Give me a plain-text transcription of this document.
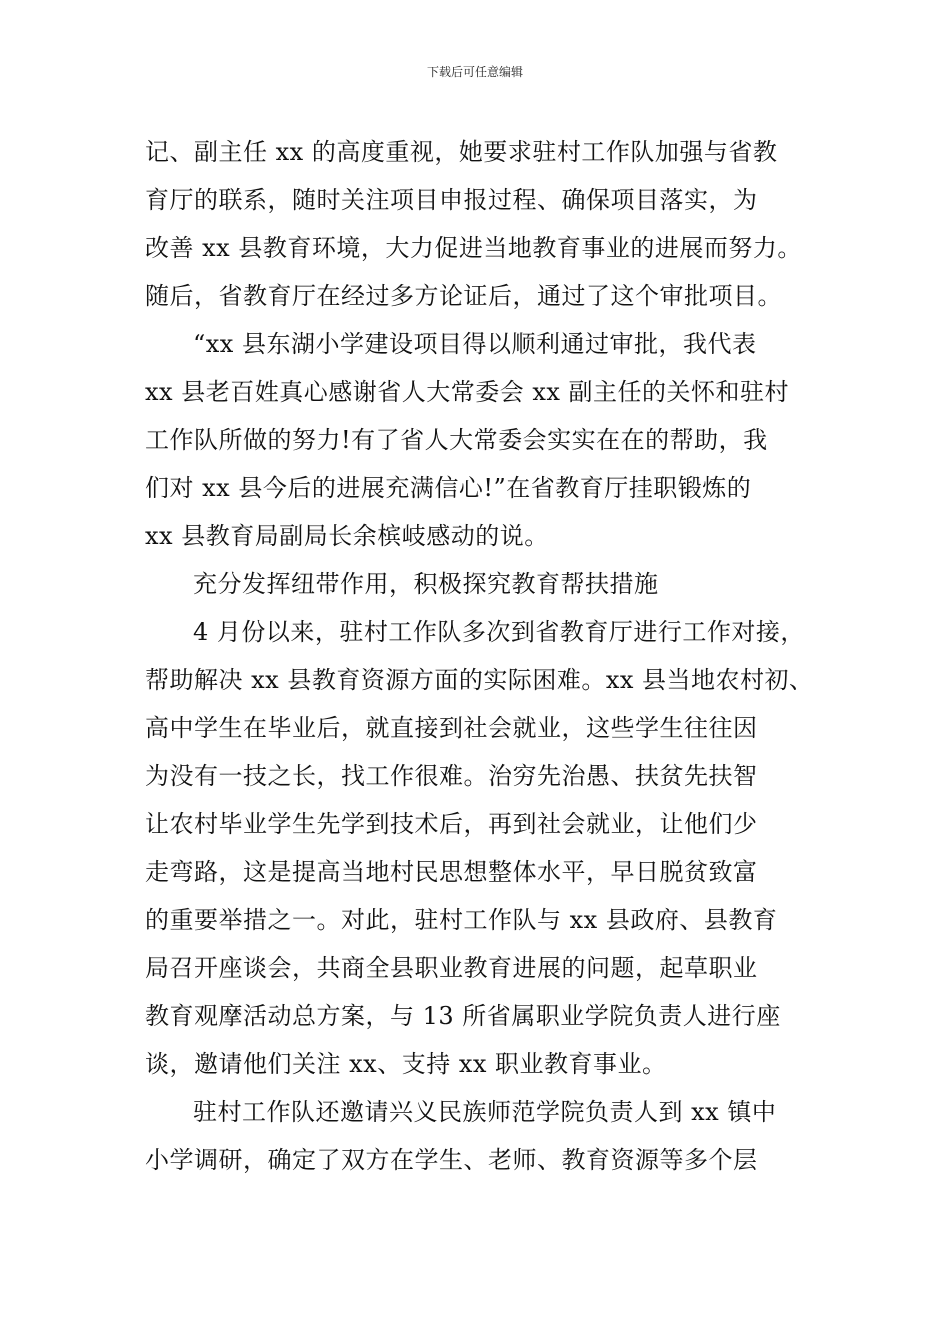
下载后可任意编辑
记、副主任 xx 的高度重视，她要求驻村工作队加强与省教
育厅的联系，随时关注项目申报过程、确保项目落实，为
改善 xx 县教育环境，大力促进当地教育事业的进展而努力。
随后，省教育厅在经过多方论证后，通过了这个审批项目。
“xx 县东湖小学建设项目得以顺利通过审批，我代表
xx 县老百姓真心感谢省人大常委会 xx 副主任的关怀和驻村
工作队所做的努力!有了省人大常委会实实在在的帮助，我
们对 xx 县今后的进展充满信心!”在省教育厅挂职锻炼的
xx 县教育局副局长余槟岐感动的说。
充分发挥纽带作用，积极探究教育帮扶措施
4 月份以来，驻村工作队多次到省教育厅进行工作对接，
帮助解决 xx 县教育资源方面的实际困难。xx 县当地农村初、
高中学生在毕业后，就直接到社会就业，这些学生往往因
为没有一技之长，找工作很难。治穷先治愚、扶贫先扶智
让农村毕业学生先学到技术后，再到社会就业，让他们少
走弯路，这是提高当地村民思想整体水平，早日脱贫致富
的重要举措之一。对此，驻村工作队与 xx 县政府、县教育
局召开座谈会，共商全县职业教育进展的问题，起草职业
教育观摩活动总方案，与 13 所省属职业学院负责人进行座
谈，邀请他们关注 xx、支持 xx 职业教育事业。
驻村工作队还邀请兴义民族师范学院负责人到 xx 镇中
小学调研，确定了双方在学生、老师、教育资源等多个层
